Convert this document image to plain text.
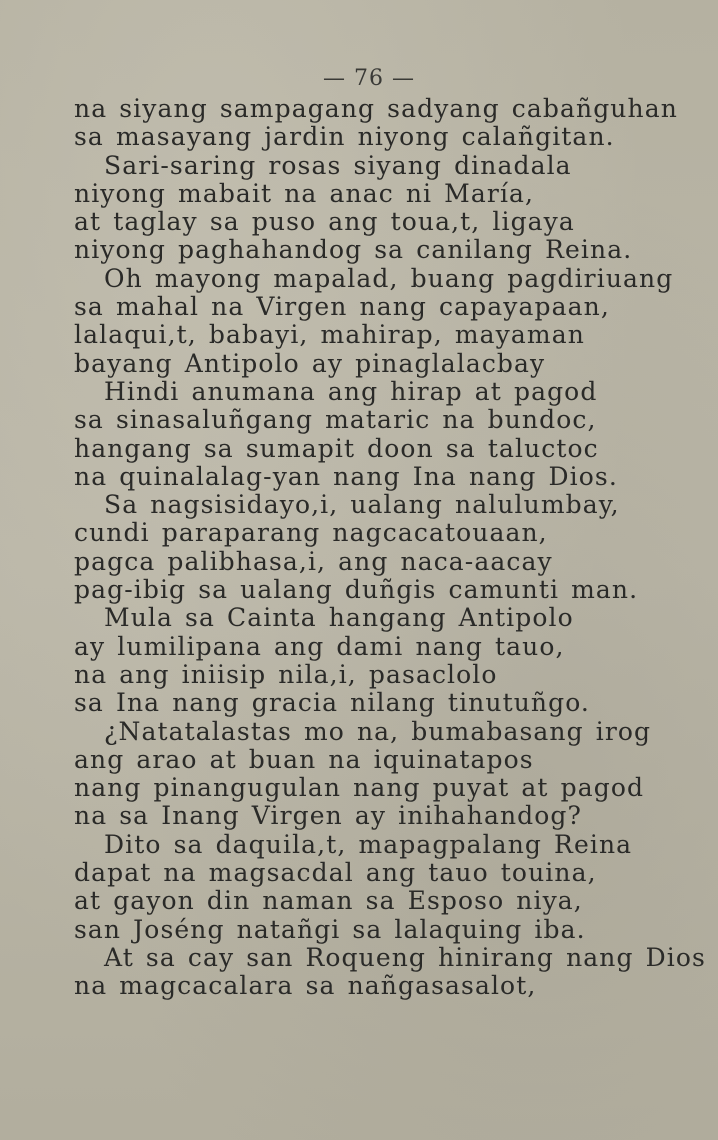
— 76 —
na siyang sampagang sadyang cabañguhan
sa masayang jardin niyong calañgitan.
Sari-saring rosas siyang dinadala
niyong mabait na anac ni María,
at taglay sa puso ang toua,t, ligaya
niyong paghahandog sa canilang Reina.
Oh mayong mapalad, buang pagdiriuang
sa mahal na Virgen nang capayapaan,
lalaqui,t, babayi, mahirap, mayaman
bayang Antipolo ay pinaglalacbay
Hindi anumana ang hirap at pagod
sa sinasaluñgang mataric na bundoc,
hangang sa sumapit doon sa taluctoc
na quinalalag-yan nang Ina nang Dios.
Sa nagsisidayo,i, ualang nalulumbay,
cundi paraparang nagcacatouaan,
pagca palibhasa,i, ang naca-aacay
pag-ibig sa ualang duñgis camunti man.
Mula sa Cainta hangang Antipolo
ay lumilipana ang dami nang tauo,
na ang iniisip nila,i, pasaclolo
sa Ina nang gracia nilang tinutuñgo.
¿Natatalastas mo na, bumabasang irog
ang arao at buan na iquinatapos
nang pinangugulan nang puyat at pagod
na sa Inang Virgen ay inihahandog?
Dito sa daquila,t, mapagpalang Reina
dapat na magsacdal ang tauo touina,
at gayon din naman sa Esposo niya,
san Joséng natañgi sa lalaquing iba.
At sa cay san Roqueng hinirang nang Dios
na magcacalara sa nañgasasalot,
